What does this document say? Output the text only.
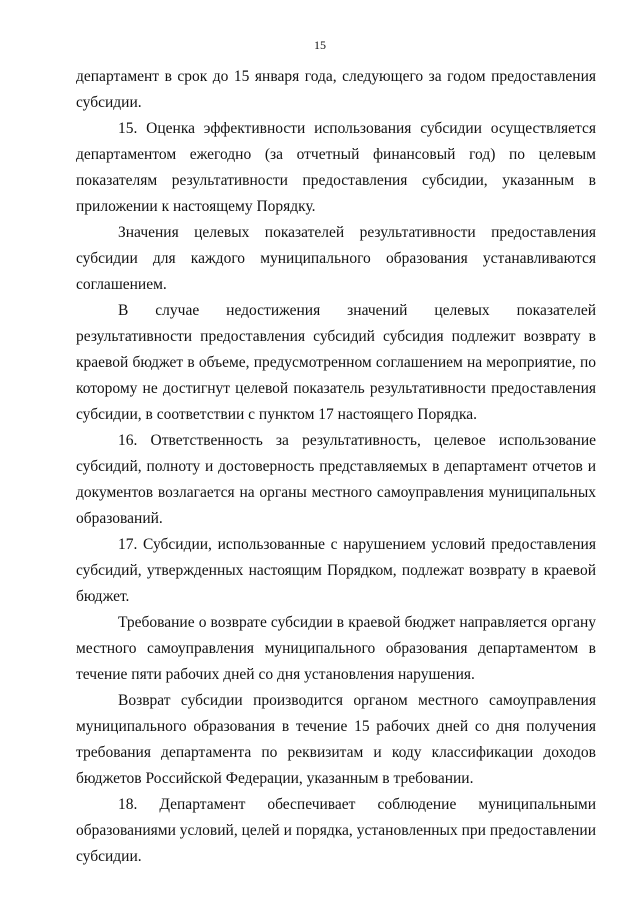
15

департамент в срок до 15 января года, следующего за годом предоставления субсидии.

15. Оценка эффективности использования субсидии осуществляется департаментом ежегодно (за отчетный финансовый год) по целевым показателям результативности предоставления субсидии, указанным в приложении к настоящему Порядку.

Значения целевых показателей результативности предоставления субсидии для каждого муниципального образования устанавливаются соглашением.

В случае недостижения значений целевых показателей результативности предоставления субсидий субсидия подлежит возврату в краевой бюджет в объеме, предусмотренном соглашением на мероприятие, по которому не достигнут целевой показатель результативности предоставления субсидии, в соответствии с пунктом 17 настоящего Порядка.

16. Ответственность за результативность, целевое использование субсидий, полноту и достоверность представляемых в департамент отчетов и документов возлагается на органы местного самоуправления муниципальных образований.

17. Субсидии, использованные с нарушением условий предоставления субсидий, утвержденных настоящим Порядком, подлежат возврату в краевой бюджет.

Требование о возврате субсидии в краевой бюджет направляется органу местного самоуправления муниципального образования департаментом в течение пяти рабочих дней со дня установления нарушения.

Возврат субсидии производится органом местного самоуправления муниципального образования в течение 15 рабочих дней со дня получения требования департамента по реквизитам и коду классификации доходов бюджетов Российской Федерации, указанным в требовании.

18. Департамент обеспечивает соблюдение муниципальными образованиями условий, целей и порядка, установленных при предоставлении субсидии.
